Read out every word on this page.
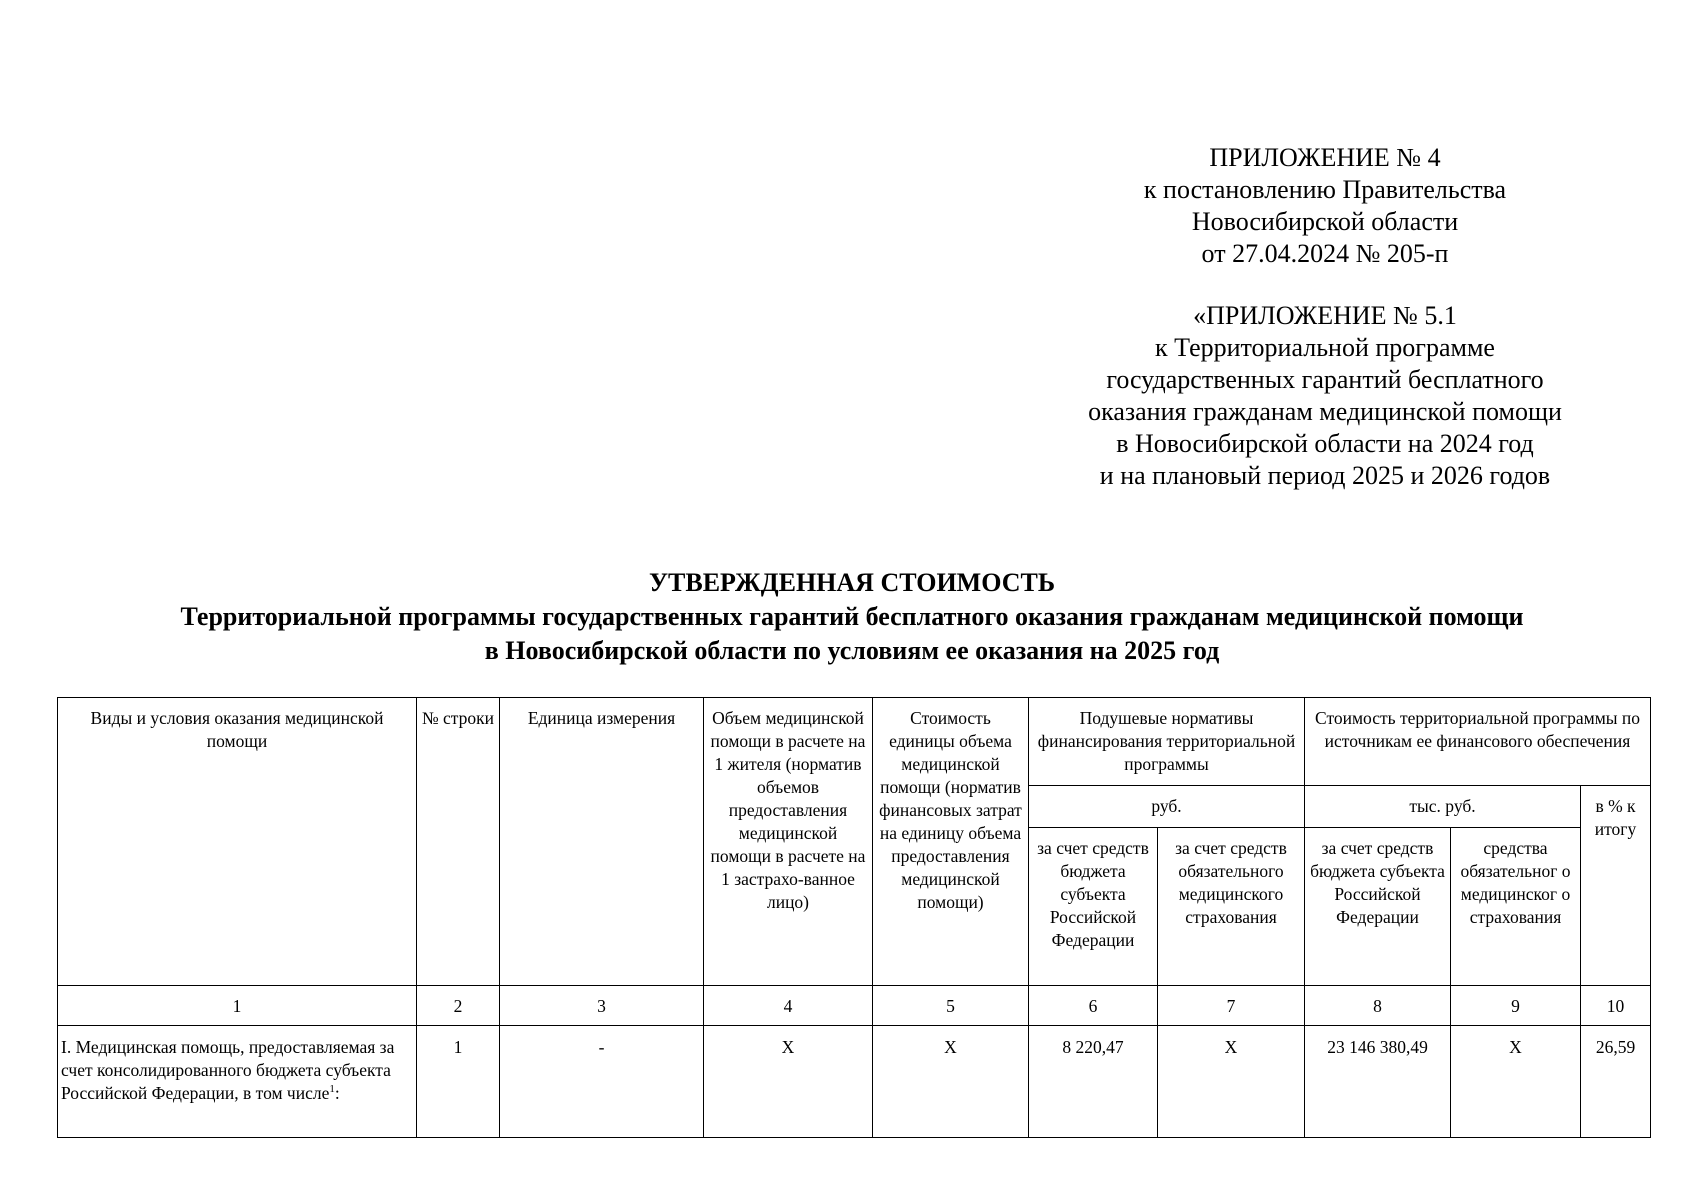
ПРИЛОЖЕНИЕ № 4
к постановлению Правительства
Новосибирской области
от 27.04.2024 № 205-п
«ПРИЛОЖЕНИЕ № 5.1
к Территориальной программе
государственных гарантий бесплатного
оказания гражданам медицинской помощи
в Новосибирской области на 2024 год
и на плановый период 2025 и 2026 годов
УТВЕРЖДЕННАЯ СТОИМОСТЬ
Территориальной программы государственных гарантий бесплатного оказания гражданам медицинской помощи
в Новосибирской области по условиям ее оказания на 2025 год
Виды и условия оказания медицинской помощи	№ строки	Единица измерения	Объем медицинской помощи в расчете на 1 жителя (норматив объемов предоставления медицинской помощи в расчете на 1 застрахо-ванное лицо)	Стоимость единицы объема медицинской помощи (норматив финансовых затрат на единицу объема предоставления медицинской помощи)	Подушевые нормативы финансирования территориальной программы		Стоимость территориальной программы по источникам ее финансового обеспечения		
					руб.		тыс. руб.		в % к итогу
					за счет средств бюджета субъекта Российской Федерации	за счет средств обязательного медицинского страхования	за счет средств бюджета субъекта Российской Федерации	средства обязательног о медицинског о страхования	
1	2	3	4	5	6	7	8	9	10
I. Медицинская помощь, предоставляемая за счет консолидированного бюджета субъекта Российской Федерации, в том числе$^1$:	1	-	Х	Х	8 220,47	Х	23 146 380,49	Х	26,59
